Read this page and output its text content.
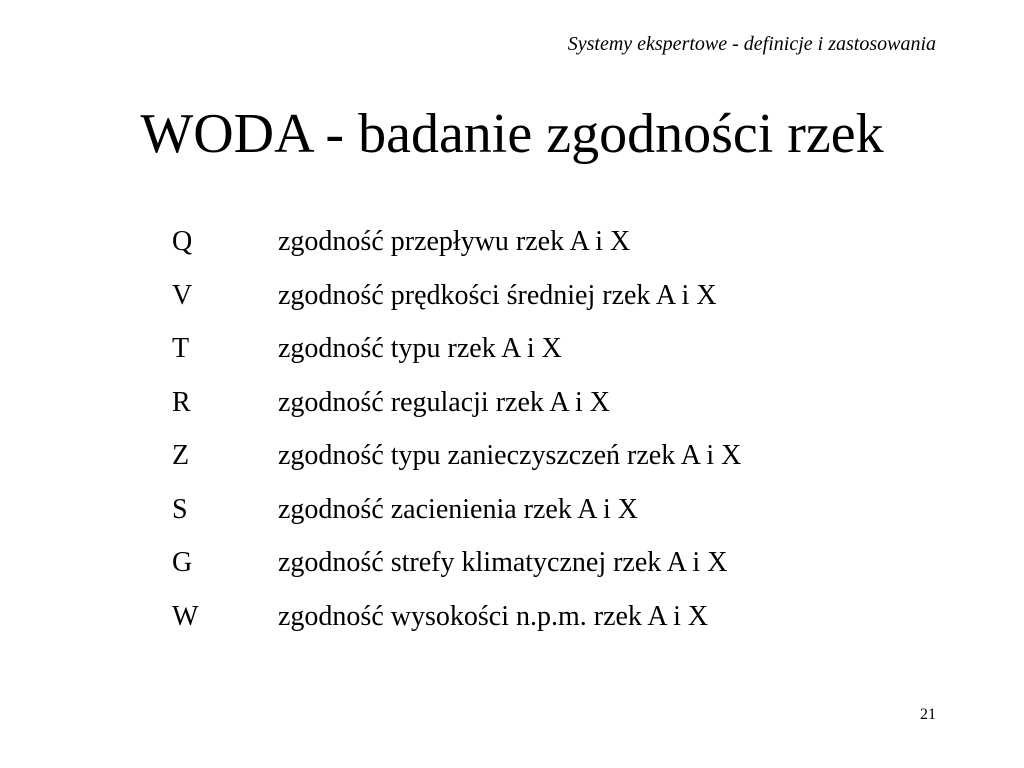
Systemy ekspertowe - definicje i zastosowania
WODA - badanie zgodności rzek
Q	zgodność przepływu rzek A i X
V	zgodność prędkości średniej rzek A i X
T	zgodność typu rzek A i X
R	zgodność regulacji rzek A i X
Z	zgodność typu zanieczyszczeń rzek A i X
S	zgodność zacienienia rzek A i X
G	zgodność strefy klimatycznej rzek A i X
W	zgodność wysokości n.p.m. rzek A i X
21
